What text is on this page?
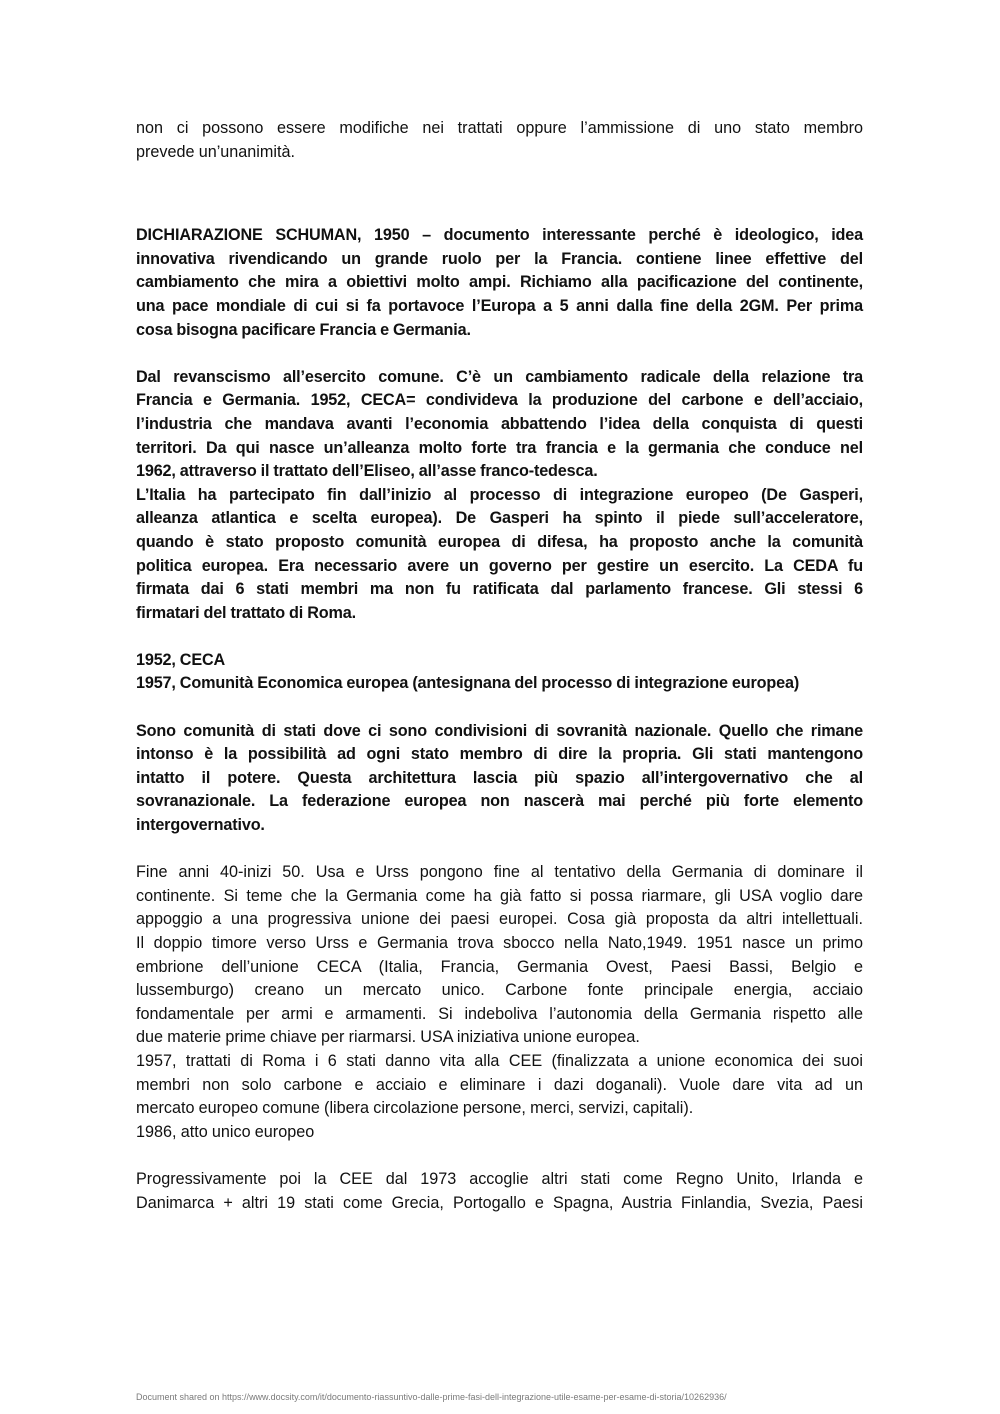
non ci possono essere modifiche nei trattati oppure l’ammissione di uno stato membro
prevede un’unanimità.

DICHIARAZIONE SCHUMAN, 1950 – documento interessante perché è ideologico, idea
innovativa rivendicando un grande ruolo per la Francia. contiene linee effettive del
cambiamento che mira a obiettivi molto ampi. Richiamo alla pacificazione del continente,
una pace mondiale di cui si fa portavoce l’Europa a 5 anni dalla fine della 2GM. Per prima
cosa bisogna pacificare Francia e Germania.

Dal revanscismo all’esercito comune. C’è un cambiamento radicale della relazione tra
Francia e Germania. 1952, CECA= condivideva la produzione del carbone e dell’acciaio,
l’industria che mandava avanti l’economia abbattendo l’idea della conquista di questi
territori. Da qui nasce un’alleanza molto forte tra francia e la germania che conduce nel
1962, attraverso il trattato dell’Eliseo, all’asse franco-tedesca.

L’Italia ha partecipato fin dall’inizio al processo di integrazione europeo (De Gasperi,
alleanza atlantica e scelta europea). De Gasperi ha spinto il piede sull’acceleratore,
quando è stato proposto comunità europea di difesa, ha proposto anche la comunità
politica europea. Era necessario avere un governo per gestire un esercito. La CEDA fu
firmata dai 6 stati membri ma non fu ratificata dal parlamento francese. Gli stessi 6
firmatari del trattato di Roma.

1952, CECA
1957, Comunità Economica europea (antesignana del processo di integrazione europea)

Sono comunità di stati dove ci sono condivisioni di sovranità nazionale. Quello che rimane
intonso è la possibilità ad ogni stato membro di dire la propria. Gli stati mantengono
intatto il potere. Questa architettura lascia più spazio all’intergovernativo che al
sovranazionale. La federazione europea non nascerà mai perché più forte elemento
intergovernativo.

Fine anni 40-inizi 50. Usa e Urss pongono fine al tentativo della Germania di dominare il
continente. Si teme che la Germania come ha già fatto si possa riarmare, gli USA voglio dare
appoggio a una progressiva unione dei paesi europei. Cosa già proposta da altri intellettuali.
Il doppio timore verso Urss e Germania trova sbocco nella Nato,1949. 1951 nasce un primo
embrione dell’unione CECA (Italia, Francia, Germania Ovest, Paesi Bassi, Belgio e
lussemburgo) creano un mercato unico. Carbone fonte principale energia, acciaio
fondamentale per armi e armamenti. Si indeboliva l’autonomia della Germania rispetto alle
due materie prime chiave per riarmarsi. USA iniziativa unione europea.

1957, trattati di Roma i 6 stati danno vita alla CEE (finalizzata a unione economica dei suoi
membri non solo carbone e acciaio e eliminare i dazi doganali). Vuole dare vita ad un
mercato europeo comune (libera circolazione persone, merci, servizi, capitali).
1986, atto unico europeo

Progressivamente poi la CEE dal 1973 accoglie altri stati come Regno Unito, Irlanda e
Danimarca + altri 19 stati come Grecia, Portogallo e Spagna, Austria Finlandia, Svezia, Paesi

Document shared on https://www.docsity.com/it/documento-riassuntivo-dalle-prime-fasi-dell-integrazione-utile-esame-per-esame-di-storia/10262936/
